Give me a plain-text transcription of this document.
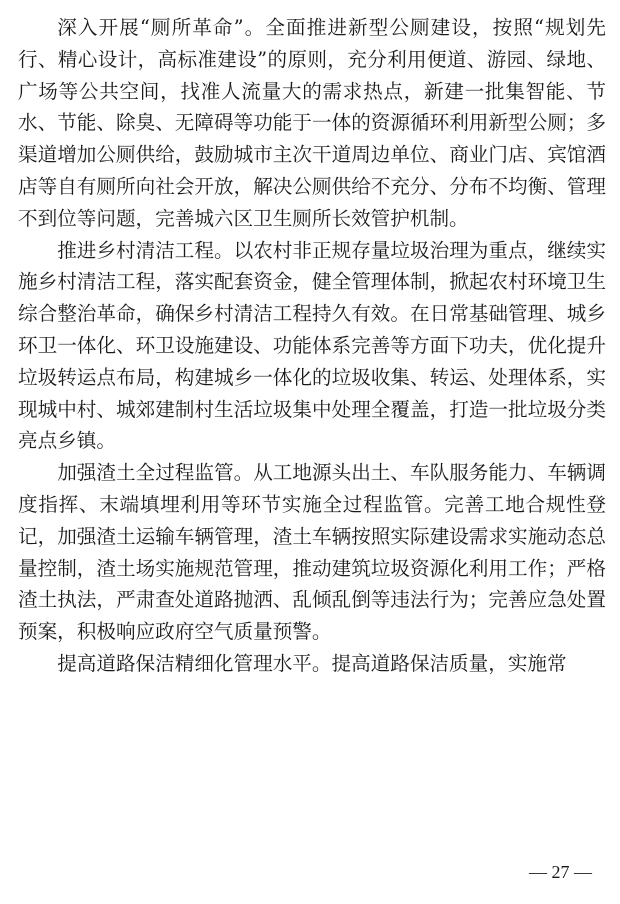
深入开展“厕所革命”。全面推进新型公厕建设，按照“规划先行、精心设计，高标准建设”的原则，充分利用便道、游园、绿地、广场等公共空间，找准人流量大的需求热点，新建一批集智能、节水、节能、除臭、无障碍等功能于一体的资源循环利用新型公厕；多渠道增加公厕供给，鼓励城市主次干道周边单位、商业门店、宾馆酒店等自有厕所向社会开放，解决公厕供给不充分、分布不均衡、管理不到位等问题，完善城六区卫生厕所长效管护机制。

推进乡村清洁工程。以农村非正规存量垃圾治理为重点，继续实施乡村清洁工程，落实配套资金，健全管理体制，掀起农村环境卫生综合整治革命，确保乡村清洁工程持久有效。在日常基础管理、城乡环卫一体化、环卫设施建设、功能体系完善等方面下功夫，优化提升垃圾转运点布局，构建城乡一体化的垃圾收集、转运、处理体系，实现城中村、城郊建制村生活垃圾集中处理全覆盖，打造一批垃圾分类亮点乡镇。

加强渣土全过程监管。从工地源头出土、车队服务能力、车辆调度指挥、末端填埋利用等环节实施全过程监管。完善工地合规性登记，加强渣土运输车辆管理，渣土车辆按照实际建设需求实施动态总量控制，渣土场实施规范管理，推动建筑垃圾资源化利用工作；严格渣土执法，严肃查处道路抛洒、乱倾乱倒等违法行为；完善应急处置预案，积极响应政府空气质量预警。

提高道路保洁精细化管理水平。提高道路保洁质量，实施常

— 27 —
